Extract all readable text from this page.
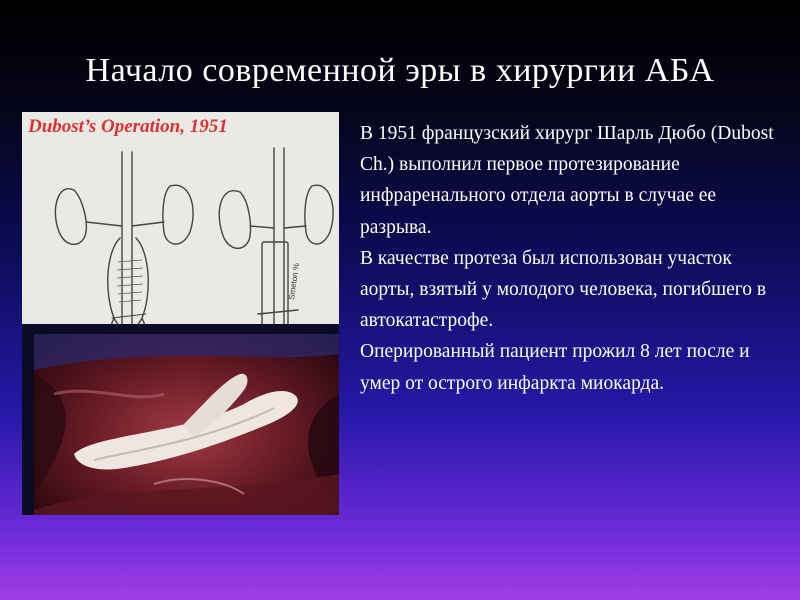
Начало современной эры в хирургии АБА
Dubost’s Operation, 1951
Smeton %

В 1951 французский хирург Шарль Дюбо (Dubost Ch.) выполнил первое протезирование инфраренального отдела аорты в случае ее разрыва.

В качестве протеза был использован участок аорты, взятый у молодого человека, погибшего в автокатастрофе.

Оперированный пациент прожил 8 лет после и умер от острого инфаркта миокарда.
